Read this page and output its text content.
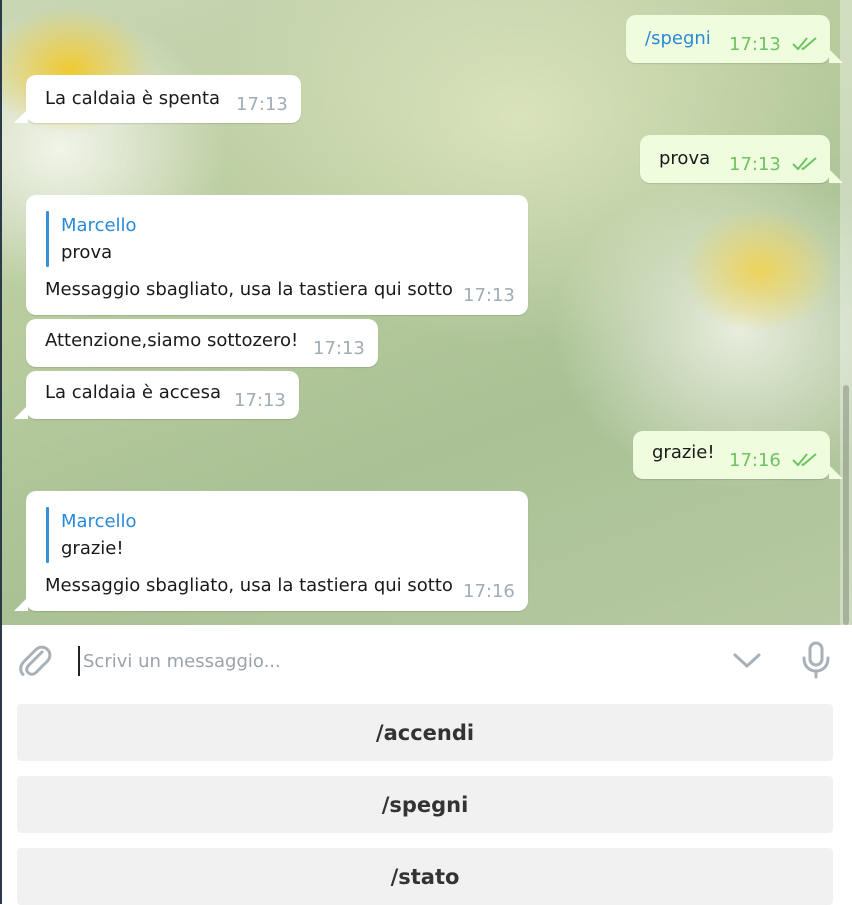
/spegni 17:13
La caldaia è spenta 17:13
prova 17:13
Marcello
prova
Messaggio sbagliato, usa la tastiera qui sotto 17:13
Attenzione,siamo sottozero! 17:13
La caldaia è accesa 17:13
grazie! 17:16
Marcello
grazie!
Messaggio sbagliato, usa la tastiera qui sotto 17:16
Scrivi un messaggio...
/accendi
/spegni
/stato
